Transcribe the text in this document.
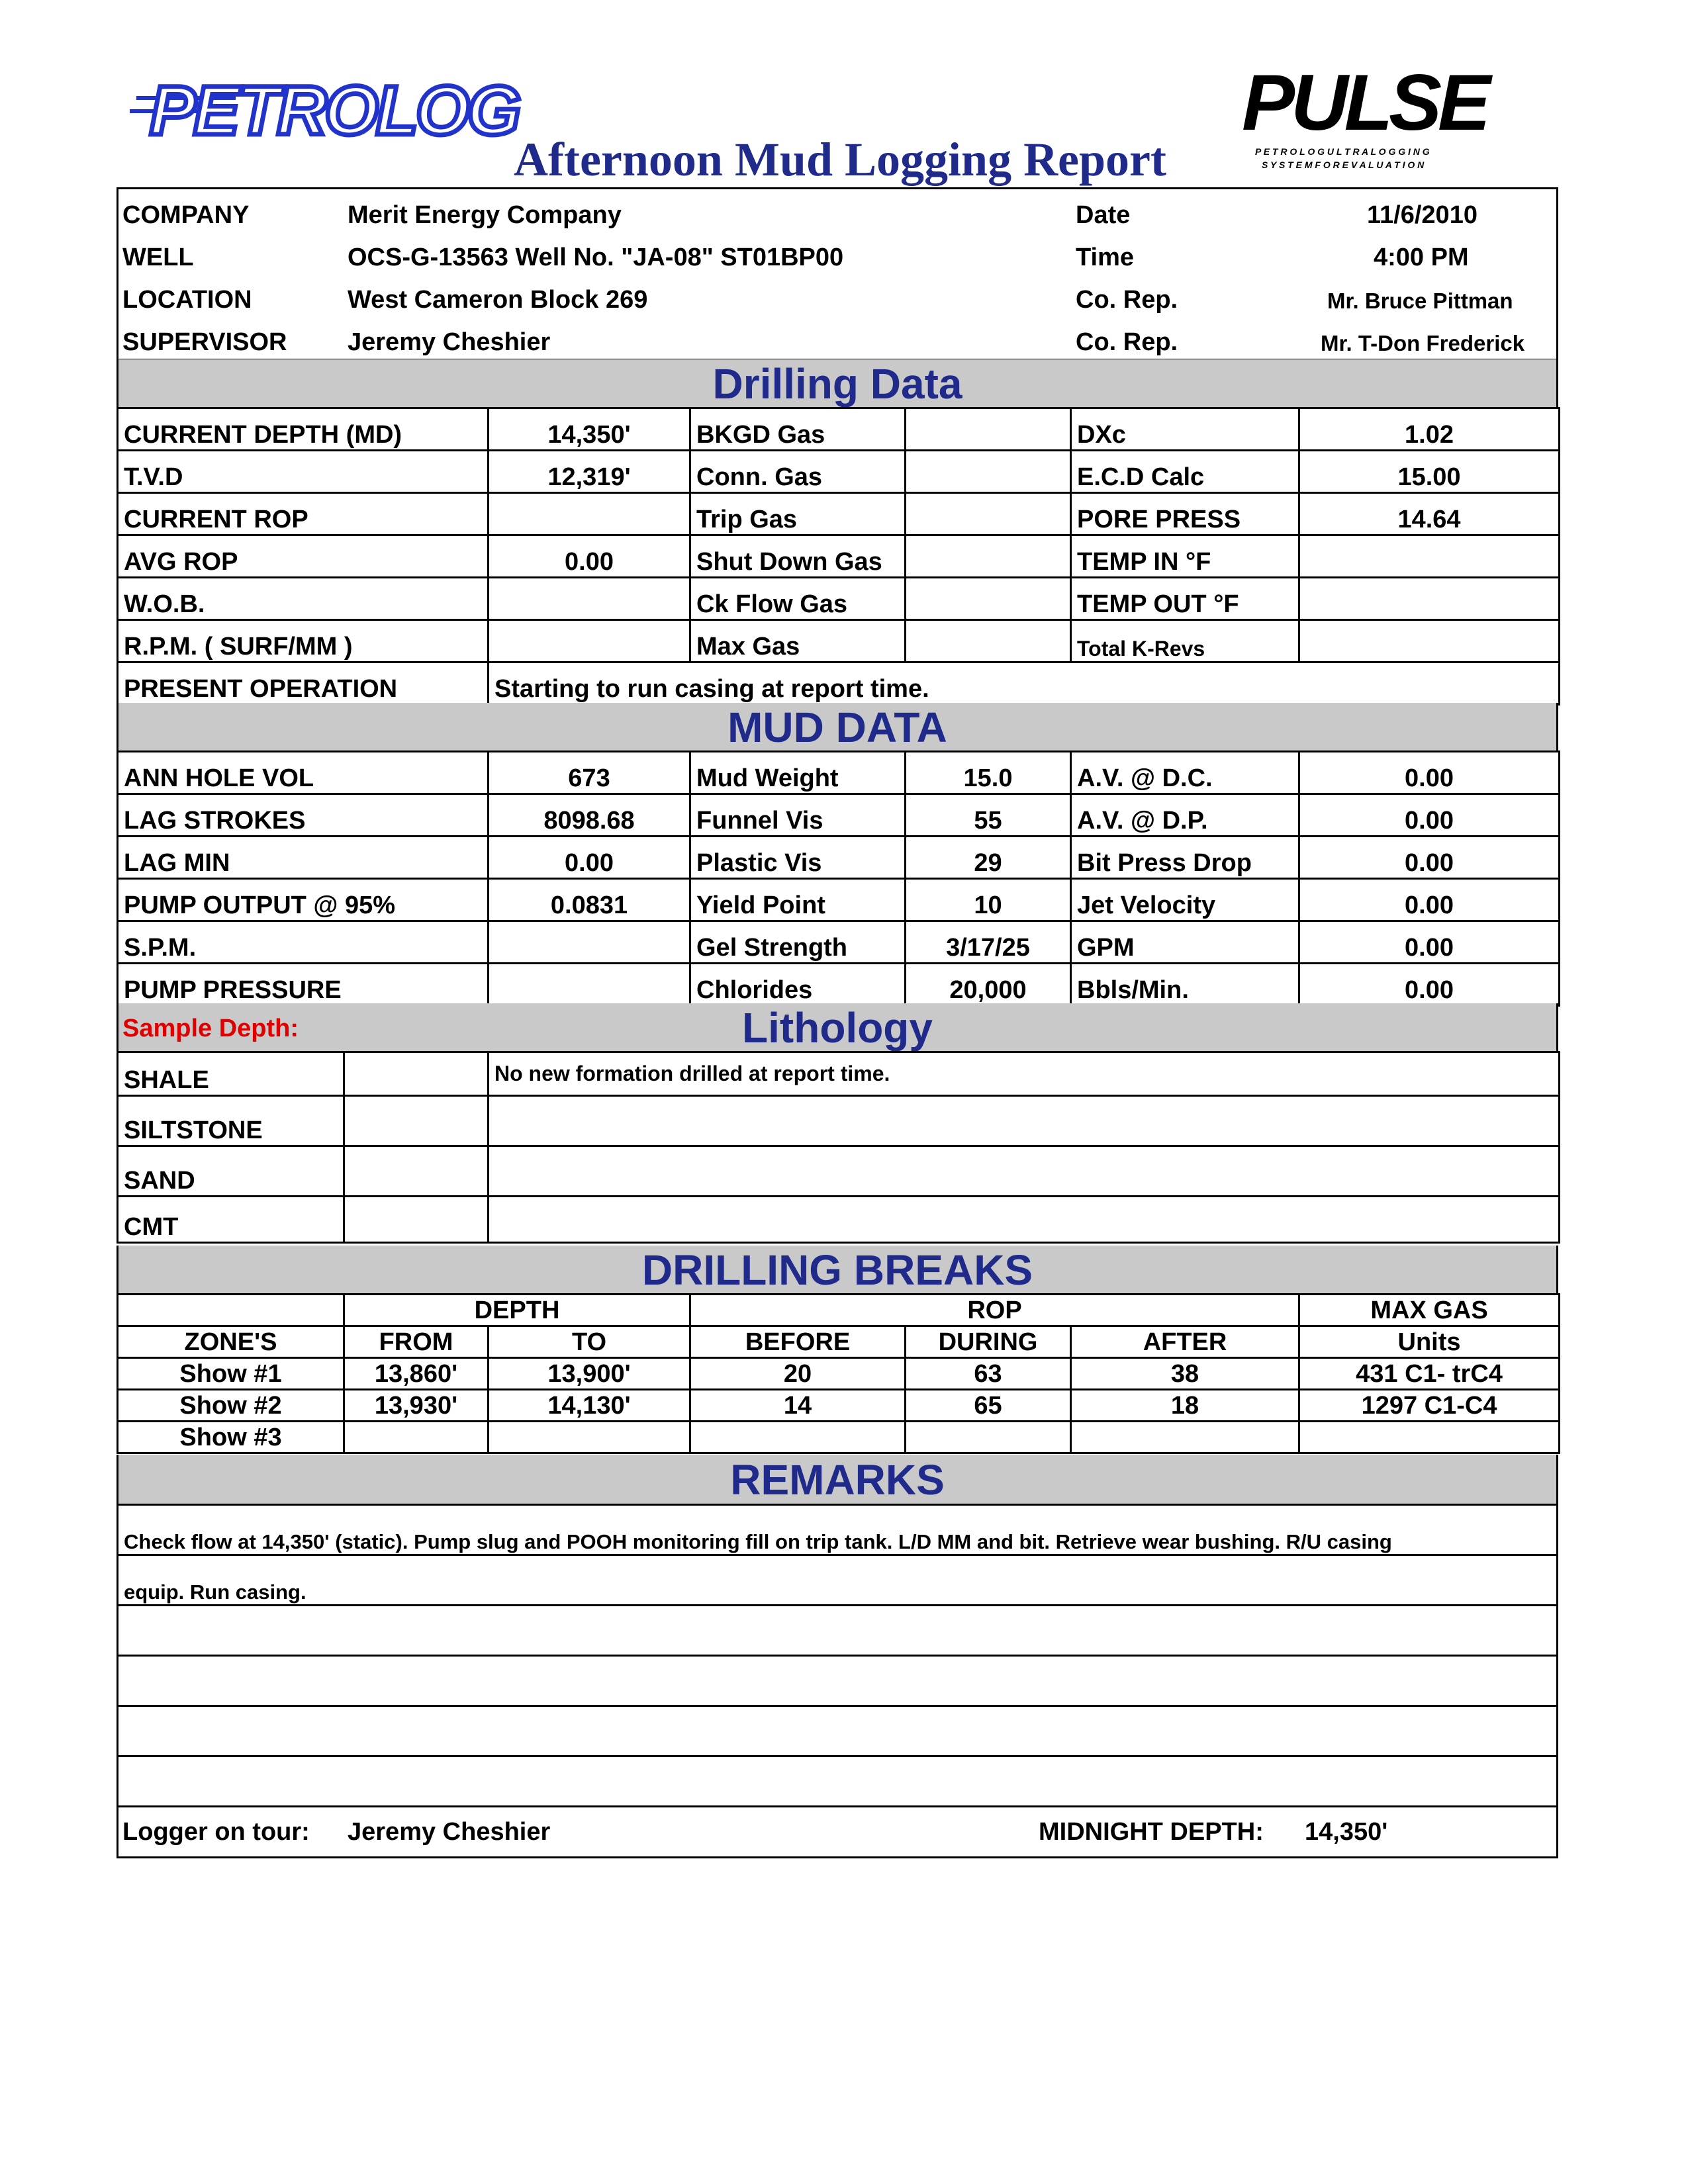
PETROLOG	PULSE
P E T R O L O G U L T R A L O G G I N G
S Y S T E M F O R E V A L U A T I O N
Afternoon Mud Logging Report
COMPANY	Merit Energy Company
WELL	OCS-G-13563 Well No. "JA-08" ST01BP00
LOCATION	West Cameron Block 269
SUPERVISOR Jeremy Cheshier
Date	11/6/2010
Time	4:00 PM
Co. Rep.	Mr. Bruce Pittman
Co. Rep.	Mr. T-Don Frederick
Drilling Data
CURRENT DEPTH (MD)	14,350'	BKGD Gas		DXc	1.02
T.V.D	12,319'	Conn. Gas		E.C.D Calc	15.00
CURRENT ROP		Trip Gas		PORE PRESS	14.64
AVG ROP	0.00	Shut Down Gas		TEMP IN °F	
W.O.B.		Ck Flow Gas		TEMP OUT °F	
R.P.M. ( SURF/MM )		Max Gas		Total K-Revs	
PRESENT OPERATION	Starting to run casing at report time.				
MUD DATA
ANN HOLE VOL	673	Mud Weight	15.0	A.V. @ D.C.	0.00
LAG STROKES	8098.68	Funnel Vis	55	A.V. @ D.P.	0.00
LAG MIN	0.00	Plastic Vis	29	Bit Press Drop	0.00
PUMP OUTPUT @ 95%	0.0831	Yield Point	10	Jet Velocity	0.00
S.P.M.		Gel Strength	3/17/25	GPM	0.00
PUMP PRESSURE		Chlorides	20,000	Bbls/Min.	0.00
Sample Depth:	Lithology
SHALE		No new formation drilled at report time.
SILTSTONE		
SAND		
CMT		
DRILLING BREAKS
	DEPTH		ROP			MAX GAS
ZONE'S	FROM	TO	BEFORE	DURING	AFTER	Units
Show #1	13,860'	13,900'	20	63	38	431 C1- trC4
Show #2	13,930'	14,130'	14	65	18	1297 C1-C4
Show #3						
REMARKS
Check flow at 14,350' (static). Pump slug and POOH monitoring fill on trip tank. L/D MM and bit. Retrieve wear bushing. R/U casing
equip. Run casing.

Logger on tour: Jeremy Cheshier	MIDNIGHT DEPTH: 14,350'
